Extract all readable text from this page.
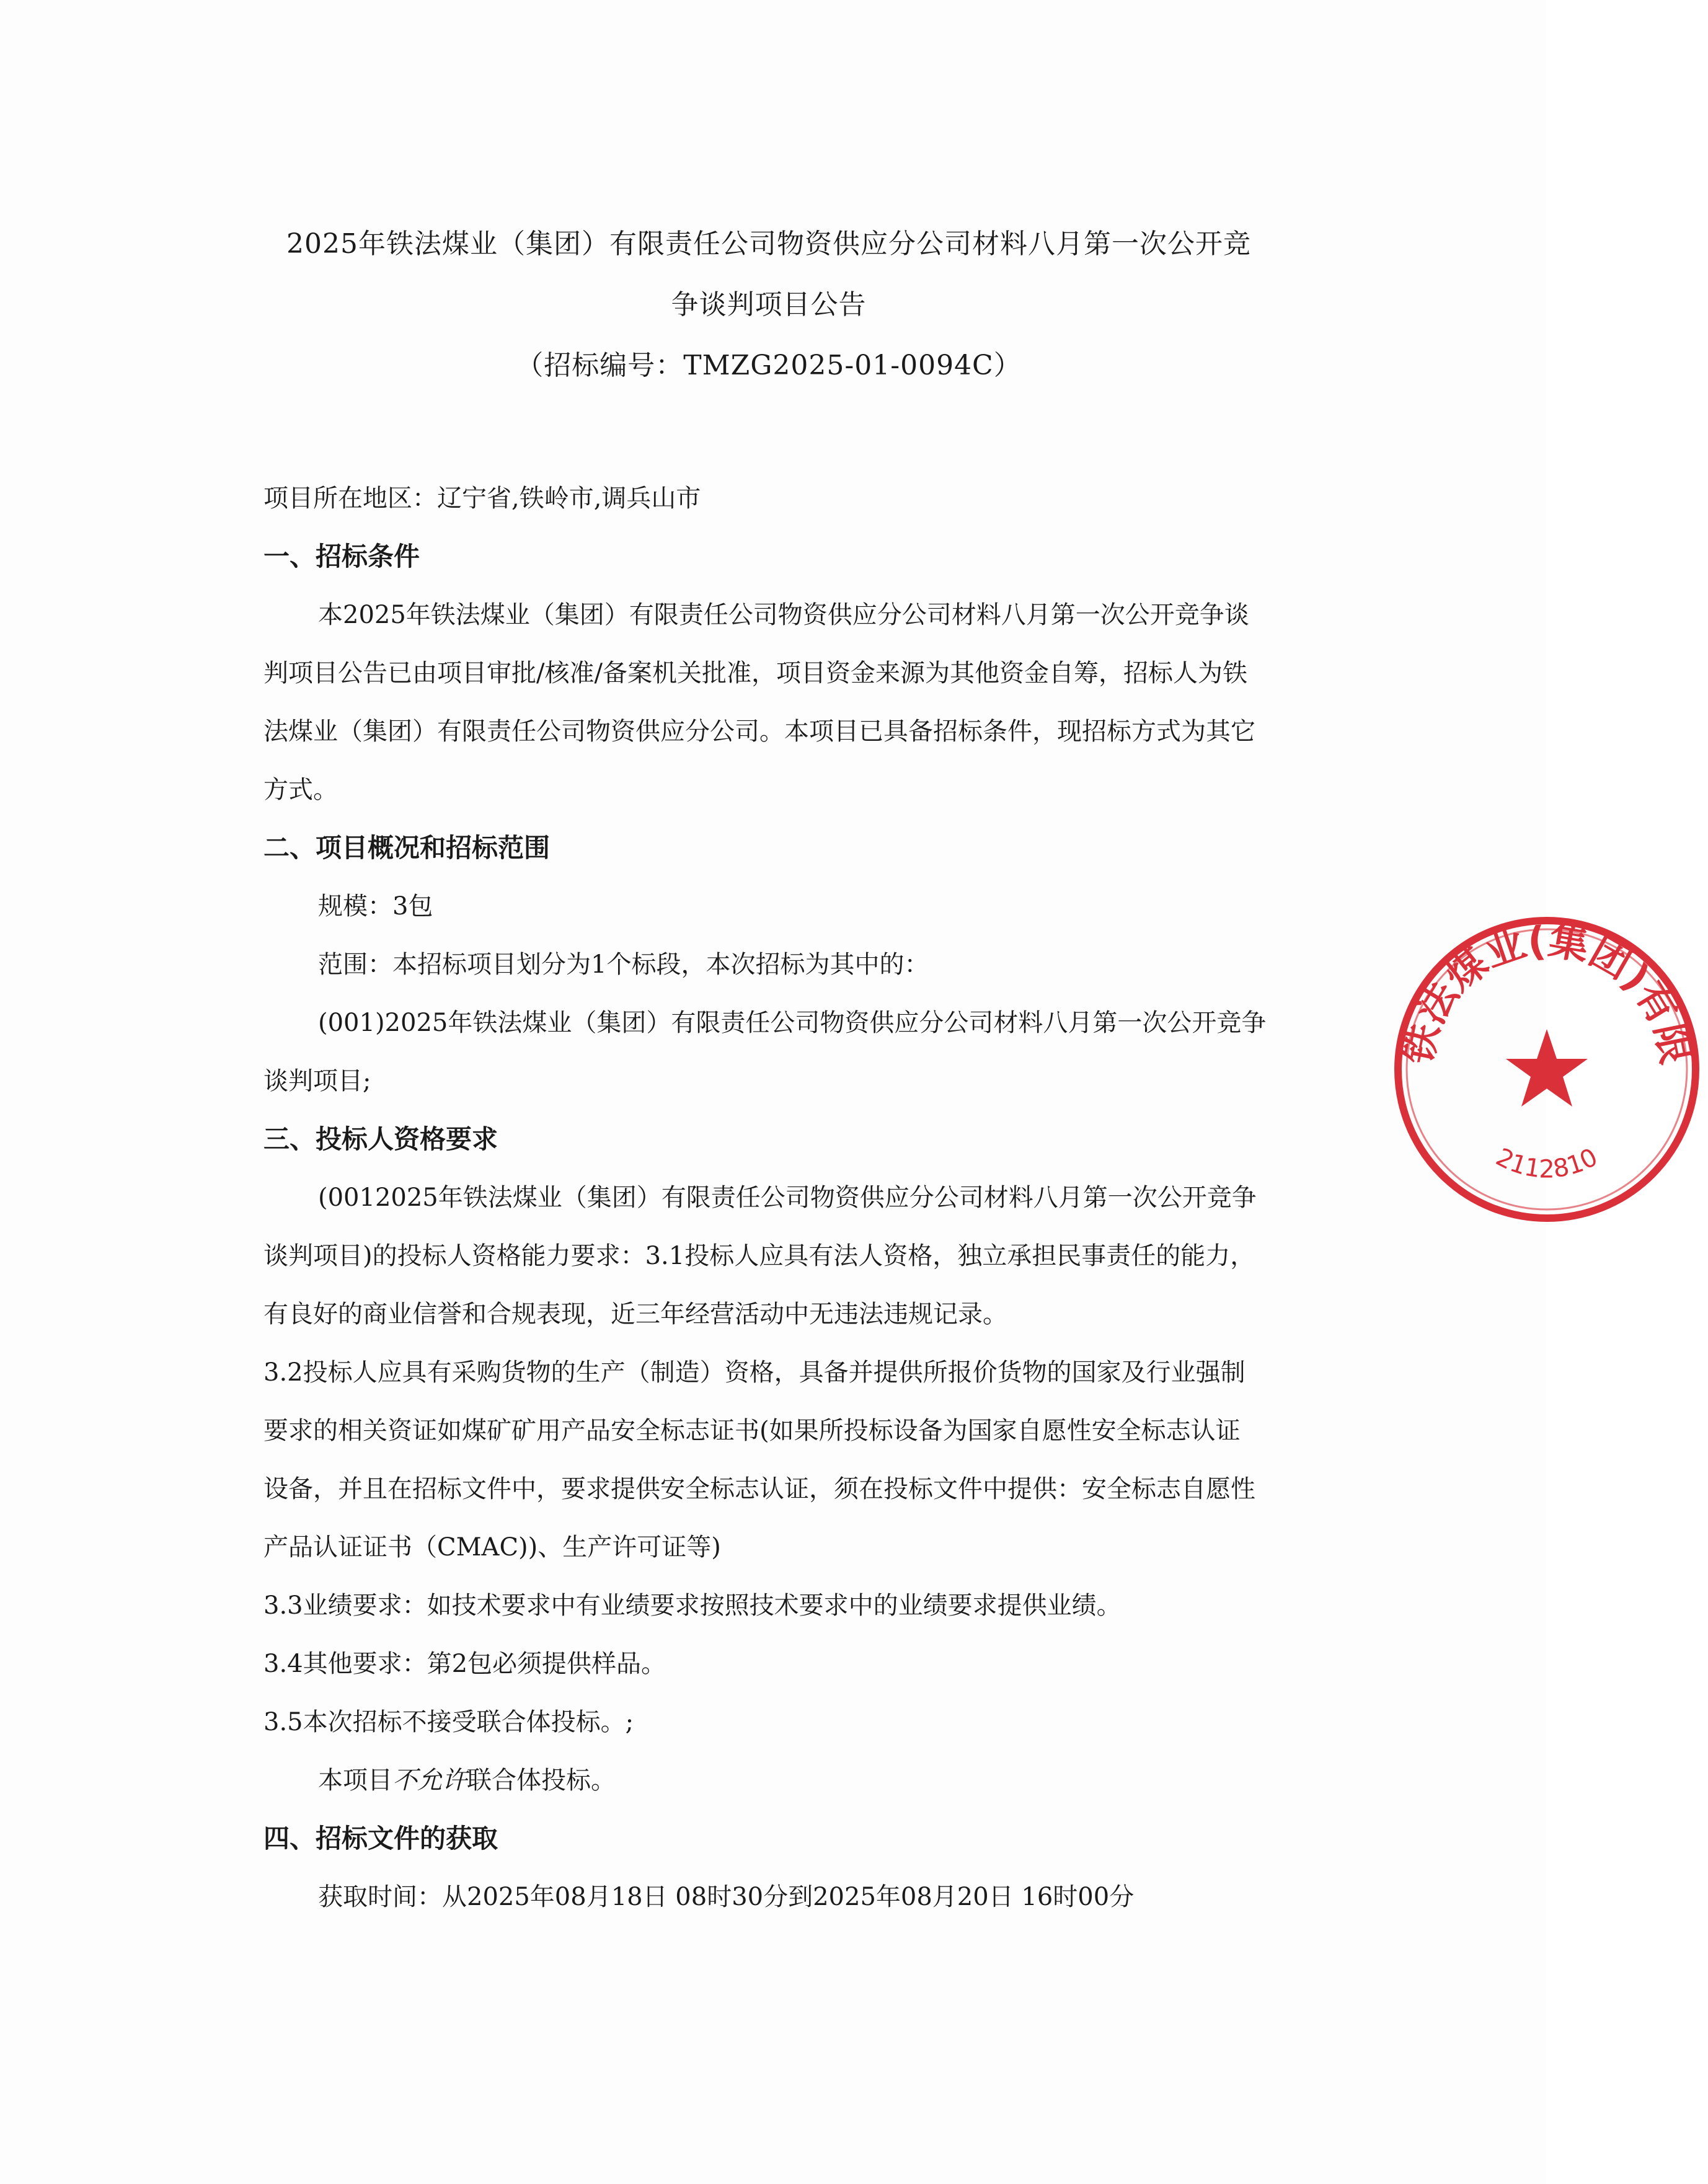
2025年铁法煤业（集团）有限责任公司物资供应分公司材料八月第一次公开竞
争谈判项目公告
（招标编号：TMZG2025-01-0094C）
项目所在地区：辽宁省,铁岭市,调兵山市
一、招标条件
本2025年铁法煤业（集团）有限责任公司物资供应分公司材料八月第一次公开竞争谈
判项目公告已由项目审批/核准/备案机关批准，项目资金来源为其他资金自筹，招标人为铁
法煤业（集团）有限责任公司物资供应分公司。本项目已具备招标条件，现招标方式为其它
方式。
二、项目概况和招标范围
规模：3包
范围：本招标项目划分为1个标段，本次招标为其中的：
(001)2025年铁法煤业（集团）有限责任公司物资供应分公司材料八月第一次公开竞争
谈判项目;
三、投标人资格要求
(0012025年铁法煤业（集团）有限责任公司物资供应分公司材料八月第一次公开竞争
谈判项目)的投标人资格能力要求：3.1投标人应具有法人资格，独立承担民事责任的能力，
有良好的商业信誉和合规表现，近三年经营活动中无违法违规记录。
3.2投标人应具有采购货物的生产（制造）资格，具备并提供所报价货物的国家及行业强制
要求的相关资证如煤矿矿用产品安全标志证书(如果所投标设备为国家自愿性安全标志认证
设备，并且在招标文件中，要求提供安全标志认证，须在投标文件中提供：安全标志自愿性
产品认证证书（CMAC))、生产许可证等)
3.3业绩要求：如技术要求中有业绩要求按照技术要求中的业绩要求提供业绩。
3.4其他要求：第2包必须提供样品。
3.5本次招标不接受联合体投标。;
本项目不允许联合体投标。
四、招标文件的获取
获取时间：从2025年08月18日 08时30分到2025年08月20日 16时00分
铁法煤业(集团)有限
2112810
